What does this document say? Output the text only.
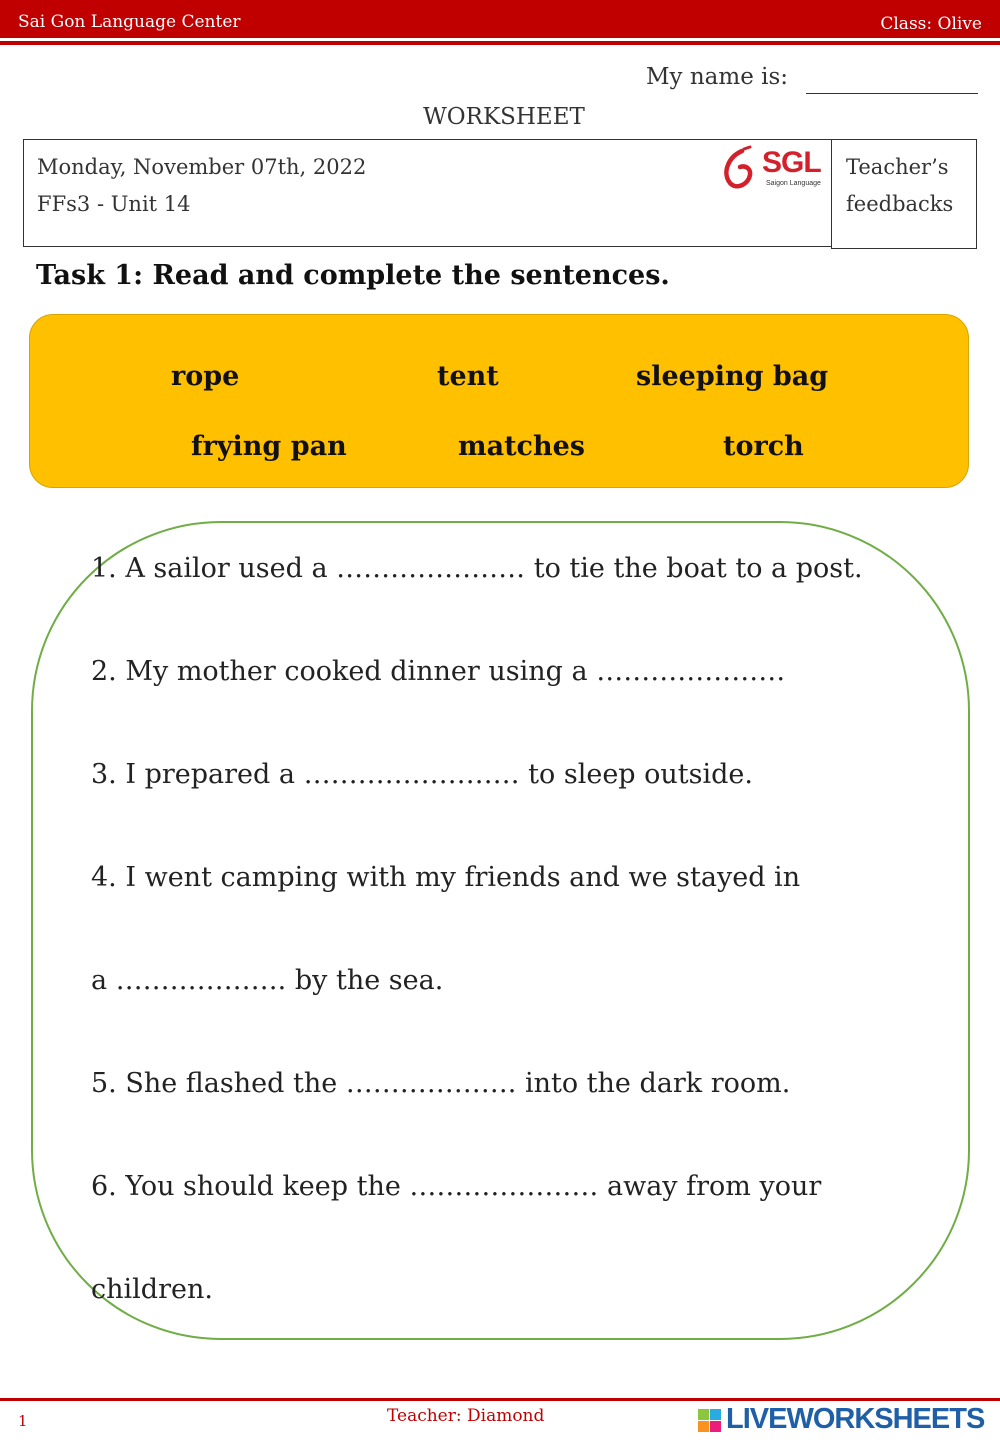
Sai Gon Language Center	Class: Olive
My name is:
WORKSHEET
Monday, November 07th, 2022
FFs3 - Unit 14
Teacher’s
feedbacks
SGL
Saigon Language
Task 1: Read and complete the sentences.
rope	tent	sleeping bag
frying pan	matches	torch
1. A sailor used a ………………… to tie the boat to a post.
2. My mother cooked dinner using a …………………
3. I prepared a …………………… to sleep outside.
4. I went camping with my friends and we stayed in
a ………………. by the sea.
5. She flashed the ………………. into the dark room.
6. You should keep the ………………… away from your
children.
1	Teacher: Diamond	LIVEWORKSHEETS
